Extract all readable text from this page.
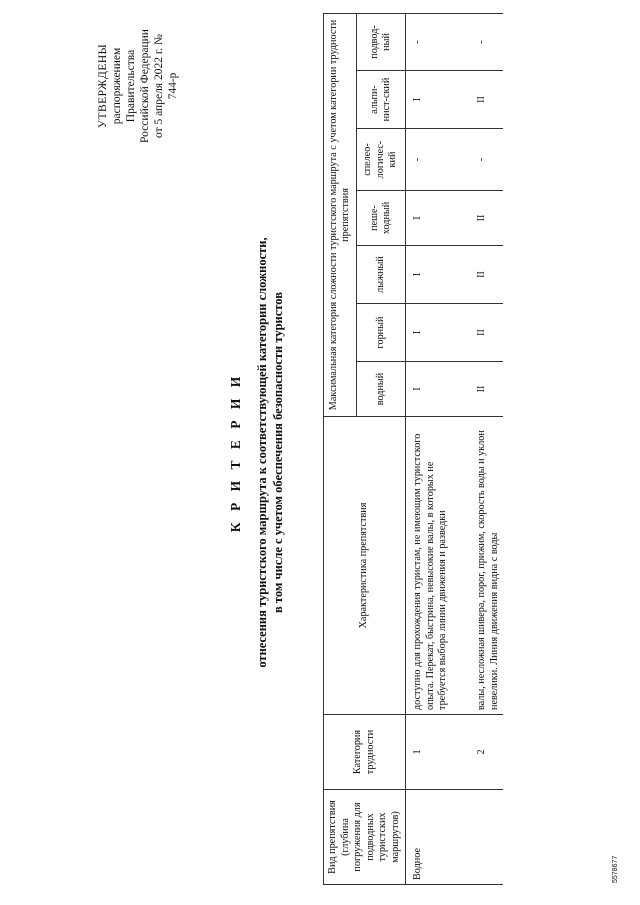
УТВЕРЖДЕНЫ распоряжением Правительства Российской Федерации от 5 апреля 2022 г. № 744-р
К Р И Т Е Р И И отнесения туристского маршрута к соответствующей категории сложности, в том числе с учетом обеспечения безопасности туристов
Вид препятствия (глубина погружения для подводных туристских маршрутов)	Категория трудности	Характеристика препятствия	Максимальная категория сложности туристского маршрута с учетом категории трудности препятствия						
			водный	горный	лыжный	пеше-ходный	спелео-логичес-кий	альпи-нист-ский	подвод-ный
Водное	1	доступно для прохождения туристам, не имеющим туристского опыта. Перекат, быстрина, невысокие валы, в которых не требуется выбора линии движения и разведки	I	I	I	I	-	I	-
	2	валы, несложная шивера, порог, прижим, скорость воды и уклон невелики. Линия движения видна с воды	II	II	II	II	-	II	-
5578677
